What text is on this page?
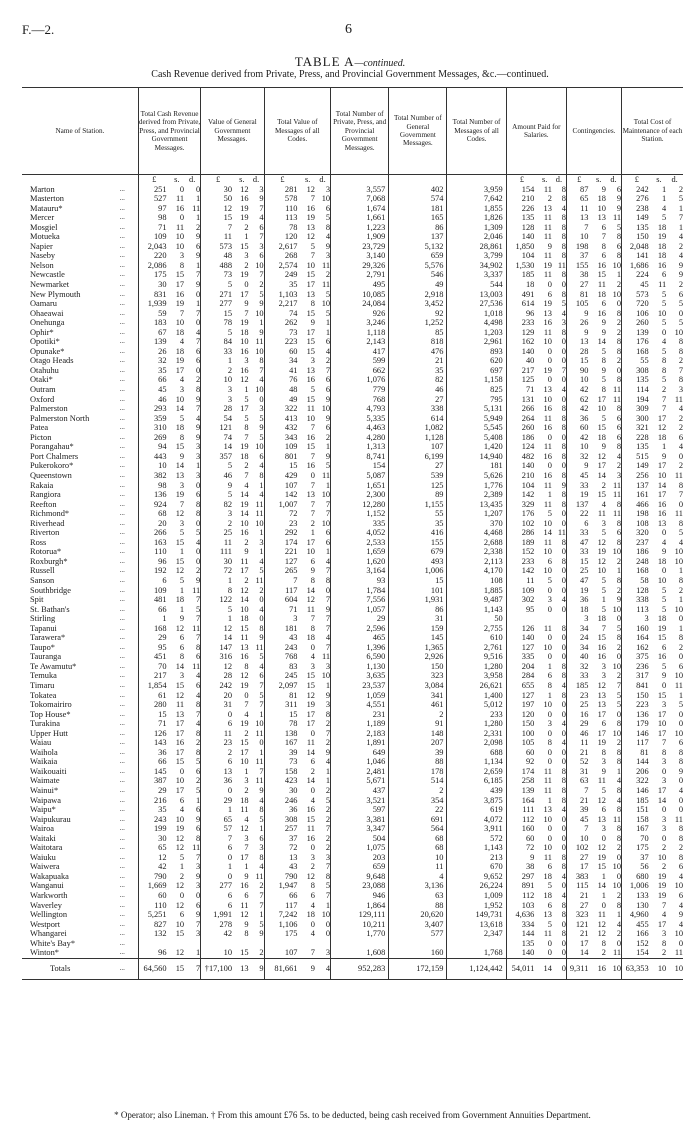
F.—2.	6
TABLE A—continued.
Cash Revenue derived from Private, Press, and Provincial Government Messages, &c.—continued.
Name of Station.		Total Cash Revenue derived from Private, Press, and Provincial Government Messages.			Value of General Government Messages.			Total Value of Messages of all Codes.			Total Number of Private, Press, and Provincial Government Messages.	Total Number of General Government Messages.	Total Number of Messages of all Codes.	Amount Paid for Salaries.			Contingencies.			Total Cost of Maintenance of each Station.		
		£	s.	d.	£	s.	d.	£	s.	d.				£	s.	d.	£	s.	d.	£	s.	d.
Marton	...	251	0	0	30	12	3	281	12	3	3,557	402	3,959	154	11	8	87	9	6	242	1	2
Masterton	...	527	11	1	50	16	9	578	7	10	7,068	574	7,642	210	2	8	65	18	9	276	1	5
Matauru*	...	97	16	11	12	19	7	110	16	6	1,674	181	1,855	226	13	4	11	10	9	238	4	1
Mercer	...	98	0	1	15	19	4	113	19	5	1,661	165	1,826	135	11	8	13	13	11	149	5	7
Mosgiel	...	71	11	2	7	2	6	78	13	8	1,223	86	1,309	128	11	8	7	6	5	135	18	1
Motueka	...	109	10	9	11	1	7	120	12	4	1,909	137	2,046	140	11	8	10	7	8	150	19	4
Napier	...	2,043	10	6	573	15	3	2,617	5	9	23,729	5,132	28,861	1,850	9	8	198	8	6	2,048	18	2
Naseby	...	220	3	9	48	3	6	268	7	3	3,140	659	3,799	104	11	8	37	6	8	141	18	4
Nelson	...	2,086	8	1	488	2	10	2,574	10	11	29,326	5,576	34,902	1,530	19	11	155	16	10	1,686	16	9
Newcastle	...	175	15	7	73	19	7	249	15	2	2,791	546	3,337	185	11	8	38	15	1	224	6	9
Newmarket	...	30	17	9	5	0	2	35	17	11	495	49	544	18	0	0	27	11	2	45	11	2
New Plymouth	...	831	16	0	271	17	5	1,103	13	5	10,085	2,918	13,003	491	6	8	81	18	10	573	5	6
Oamaru	...	1,939	19	1	277	9	9	2,217	8	10	24,084	3,452	27,536	614	19	5	105	6	0	720	5	5
Ohaeawai	...	59	7	7	15	7	10	74	15	5	926	92	1,018	96	13	4	9	16	8	106	10	0
Onehunga	...	183	10	0	78	19	1	262	9	1	3,246	1,252	4,498	233	16	3	26	9	2	260	5	5
Ophir*	...	67	18	4	5	18	9	73	17	1	1,118	85	1,203	129	11	8	9	9	2	139	0	10
Opotiki*	...	139	4	7	84	10	11	223	15	6	2,143	818	2,961	162	10	0	13	14	8	176	4	8
Opunake*	...	26	18	6	33	16	10	60	15	4	417	476	893	140	0	0	28	5	8	168	5	8
Otago Heads	...	32	19	6	1	3	8	34	3	2	599	21	620	40	0	0	15	8	2	55	8	2
Otahuhu	...	35	17	0	2	16	7	41	13	7	662	35	697	217	19	7	90	9	0	308	8	7
Otaki*	...	66	4	2	10	12	4	76	16	6	1,076	82	1,158	125	0	0	10	5	8	135	5	8
Outram	...	45	3	8	3	1	10	48	5	6	779	46	825	71	13	4	42	8	11	114	2	3
Oxford	...	46	10	9	3	5	0	49	15	9	768	27	795	131	10	0	62	17	11	194	7	11
Palmerston	...	293	14	7	28	17	3	322	11	10	4,793	338	5,131	266	16	8	42	10	8	309	7	4
Palmerston North	...	359	5	4	54	5	5	413	10	9	5,335	614	5,949	264	11	8	36	5	6	300	17	2
Patea	...	310	18	9	121	8	9	432	7	6	4,463	1,082	5,545	260	16	8	60	15	6	321	12	2
Picton	...	269	8	9	74	7	5	343	16	2	4,280	1,128	5,408	186	0	0	42	18	6	228	18	6
Porangahau*	...	94	15	3	14	19	10	109	15	1	1,313	107	1,420	124	11	8	10	9	8	135	1	4
Port Chalmers	...	443	9	3	357	18	6	801	7	9	8,741	6,199	14,940	482	16	8	32	12	4	515	9	0
Pukerokoro*	...	10	14	1	5	2	4	15	16	5	154	27	181	140	0	0	9	17	2	149	17	2
Queenstown	...	382	13	3	46	7	8	429	0	11	5,087	539	5,626	210	16	8	45	14	3	256	10	11
Rakaia	...	98	3	0	9	4	1	107	7	1	1,651	125	1,776	104	11	9	33	2	11	137	14	8
Rangiora	...	136	19	6	5	14	4	142	13	10	2,300	89	2,389	142	1	8	19	15	11	161	17	7
Reefton	...	924	7	8	82	19	11	1,007	7	7	12,280	1,155	13,435	329	11	8	137	4	8	466	16	0
Richmond*	...	68	12	8	3	14	11	72	7	7	1,152	55	1,207	176	5	0	22	11	11	198	16	11
Riverhead	...	20	3	0	2	10	10	23	2	10	335	35	370	102	10	0	6	3	8	108	13	8
Riverton	...	266	5	5	25	16	1	292	1	6	4,052	416	4,468	286	14	11	33	5	6	320	0	5
Ross	...	163	15	4	11	2	3	174	17	6	2,533	155	2,688	189	11	8	47	12	8	237	4	4
Rotorua*	...	110	1	0	111	9	1	221	10	1	1,659	679	2,338	152	10	0	33	19	10	186	9	10
Roxburgh*	...	96	15	0	30	11	4	127	6	4	1,620	493	2,113	233	6	8	15	12	2	248	18	10
Russell	...	192	12	2	72	17	5	265	9	7	3,164	1,006	4,170	142	10	0	25	10	1	168	0	1
Sanson	...	6	5	9	1	2	11	7	8	8	93	15	108	11	5	0	47	5	8	58	10	8
Southbridge	...	109	1	11	8	12	2	117	14	0	1,784	101	1,885	109	0	0	19	5	2	128	5	2
Spit	...	481	18	7	122	14	0	604	12	7	7,556	1,931	9,487	302	3	4	36	1	9	338	5	1
St. Bathan's	...	66	1	5	5	10	4	71	11	9	1,057	86	1,143	95	0	0	18	5	10	113	5	10
Stirling	...	1	9	7	1	18	0	3	7	7	29	31	50				3	18	0	3	18	0
Tapanui	...	168	12	11	12	15	8	181	8	7	2,596	159	2,755	126	11	8	34	7	5	160	19	1
Tarawera*	...	29	6	7	14	11	9	43	18	4	465	145	610	140	0	0	24	15	8	164	15	8
Taupo*	...	95	6	8	147	13	11	243	0	7	1,396	1,365	2,761	127	10	0	34	16	2	162	6	2
Tauranga	...	451	8	6	316	16	5	768	4	11	6,590	2,926	9,516	335	0	0	40	16	0	375	16	0
Te Awamutu*	...	70	14	11	12	8	4	83	3	3	1,130	150	1,280	204	1	8	32	3	10	236	5	6
Temuka	...	217	3	4	28	12	6	245	15	10	3,635	323	3,958	284	6	8	33	3	2	317	9	10
Timaru	...	1,854	15	6	242	19	7	2,097	15	1	23,537	3,084	26,621	655	8	4	185	12	7	841	0	11
Tokatea	...	61	12	4	20	0	5	81	12	9	1,059	341	1,400	127	1	8	23	13	5	150	15	1
Tokomairiro	...	280	11	8	31	7	7	311	19	3	4,551	461	5,012	197	10	0	25	13	5	223	3	5
Top House*	...	15	13	7	0	4	1	15	17	8	231	2	233	120	0	0	16	17	0	136	17	0
Turakina	...	71	17	4	6	19	10	78	17	2	1,189	91	1,280	150	3	4	29	6	8	179	10	0
Upper Hutt	...	126	17	8	11	2	11	138	0	7	2,183	148	2,331	100	0	0	46	17	10	146	17	10
Waiau	...	143	16	2	23	15	0	167	11	2	1,891	207	2,098	105	8	4	11	19	2	117	7	6
Waihola	...	36	17	8	2	17	1	39	14	9	649	39	688	60	0	0	21	8	8	81	8	8
Waikaia	...	66	15	5	6	10	11	73	6	4	1,046	88	1,134	92	0	0	52	3	8	144	3	8
Waikouaiti	...	145	0	6	13	1	7	158	2	1	2,481	178	2,659	174	11	8	31	9	1	206	0	9
Waimate	...	387	10	2	36	3	11	423	14	1	5,671	514	6,185	258	11	8	63	11	4	322	3	0
Wainui*	...	29	17	5	0	2	9	30	0	2	437	2	439	139	11	8	7	5	8	146	17	4
Waipawa	...	216	6	1	29	18	4	246	4	5	3,521	354	3,875	164	1	8	21	12	4	185	14	0
Waipu*	...	35	4	6	1	11	8	36	16	2	597	22	619	111	13	4	39	6	8	151	0	0
Waipukurau	...	243	10	9	65	4	5	308	15	2	3,381	691	4,072	112	10	0	45	13	11	158	3	11
Wairoa	...	199	19	6	57	12	1	257	11	7	3,347	564	3,911	160	0	0	7	3	8	167	3	8
Waitaki	...	30	12	8	7	3	6	37	16	2	504	68	572	60	0	0	10	0	8	70	0	8
Waitotara	...	65	12	11	6	7	3	72	0	2	1,075	68	1,143	72	10	0	102	12	2	175	2	2
Waiuku	...	12	5	7	0	17	8	13	3	3	203	10	213	9	11	8	27	19	0	37	10	8
Waiwera	...	42	1	3	1	1	4	43	2	7	659	11	670	38	6	8	17	15	10	56	2	6
Wakapuaka	...	790	2	9	0	9	11	790	12	8	9,648	4	9,652	297	18	4	383	1	0	680	19	4
Wanganui	...	1,669	12	3	277	16	2	1,947	8	5	23,088	3,136	26,224	891	5	0	115	14	10	1,006	19	10
Warkworth	...	60	0	0	6	6	7	66	6	7	946	63	1,009	112	18	4	21	1	2	133	19	6
Waverley	...	110	12	6	6	11	7	117	4	1	1,864	88	1,952	103	6	8	27	0	8	130	7	4
Wellington	...	5,251	6	9	1,991	12	1	7,242	18	10	129,111	20,620	149,731	4,636	13	8	323	11	1	4,960	4	9
Westport	...	827	10	7	278	9	5	1,106	0	0	10,211	3,407	13,618	334	5	0	121	12	4	455	17	4
Whangarei	...	132	15	3	42	8	9	175	4	0	1,770	577	2,347	144	11	8	21	12	2	166	3	10
White's Bay*	...													135	0	0	17	8	0	152	8	0
Winton*	...	96	12	1	10	15	2	107	7	3	1,608	160	1,768	140	0	0	14	2	11	154	2	11
Totals	...	64,560	15	7	†17,100	13	9	81,661	9	4	952,283	172,159	1,124,442	54,011	14	0	9,311	16	10	63,353	10	10
* Operator; also Lineman. † From this amount £76 5s. to be deducted, being cash received from Government Annuities Department.
